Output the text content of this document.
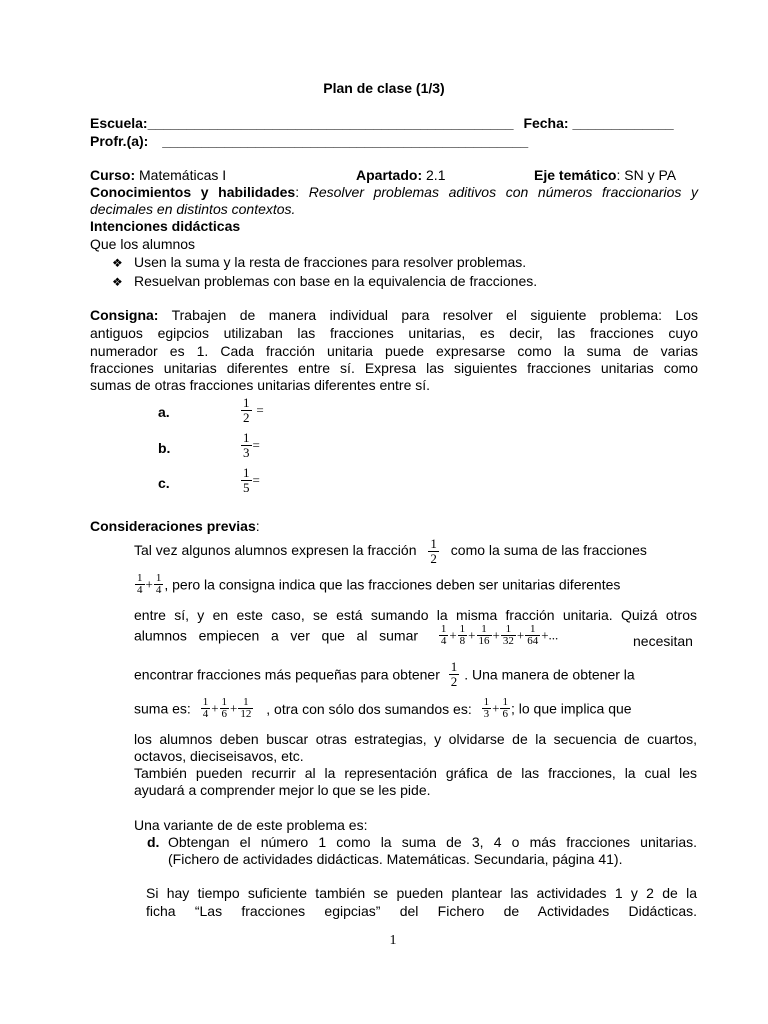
Plan de clase (1/3)
Escuela:_______________________________________________ Fecha: _____________
Profr.(a): _______________________________________________
Curso: Matemáticas I	Apartado: 2.1	Eje temático: SN y PA
Conocimientos y habilidades: Resolver problemas aditivos con números fraccionarios y
decimales en distintos contextos.
Intenciones didácticas
Que los alumnos
❖ Usen la suma y la resta de fracciones para resolver problemas.
❖ Resuelvan problemas con base en la equivalencia de fracciones.
Consigna: Trabajen de manera individual para resolver el siguiente problema: Los
antiguos egipcios utilizaban las fracciones unitarias, es decir, las fracciones cuyo
numerador es 1. Cada fracción unitaria puede expresarse como la suma de varias
fracciones unitarias diferentes entre sí. Expresa las siguientes fracciones unitarias como
sumas de otras fracciones unitarias diferentes entre sí.
a.	$\frac{1}{2}$ =
b.	$\frac{1}{3}$ =
c.	$\frac{1}{5}$ =
Consideraciones previas:
Tal vez algunos alumnos expresen la fracción $\frac{1}{2}$ como la suma de las fracciones
$\frac{1}{4} + \frac{1}{4}$ , pero la consigna indica que las fracciones deben ser unitarias diferentes
entre sí, y en este caso, se está sumando la misma fracción unitaria. Quizá otros
alumnos   empiecen   a   ver   que   al   sumar $\frac{1}{4} + \frac{1}{8} + \frac{1}{16} + \frac{1}{32} + \frac{1}{64}$ +...	necesitan
encontrar fracciones más pequeñas para obtener $\frac{1}{2}$ . Una manera de obtener la
suma es: $\frac{1}{4} + \frac{1}{6} + \frac{1}{12}$ , otra con sólo dos sumandos es: $\frac{1}{3} + \frac{1}{6}$ ; lo que implica que
los alumnos deben buscar otras estrategias, y olvidarse de la secuencia de cuartos,
octavos, dieciseisavos, etc.
También pueden recurrir al la representación gráfica de las fracciones, la cual les
ayudará a comprender mejor lo que se les pide.
Una variante de de este problema es:
d. Obtengan el número 1 como la suma de 3, 4 o más fracciones unitarias.
(Fichero de actividades didácticas. Matemáticas. Secundaria, página 41).
Si hay tiempo suficiente también se pueden plantear las actividades 1 y 2 de la
ficha  “Las  fracciones  egipcias”  del  Fichero  de  Actividades  Didácticas.
1
